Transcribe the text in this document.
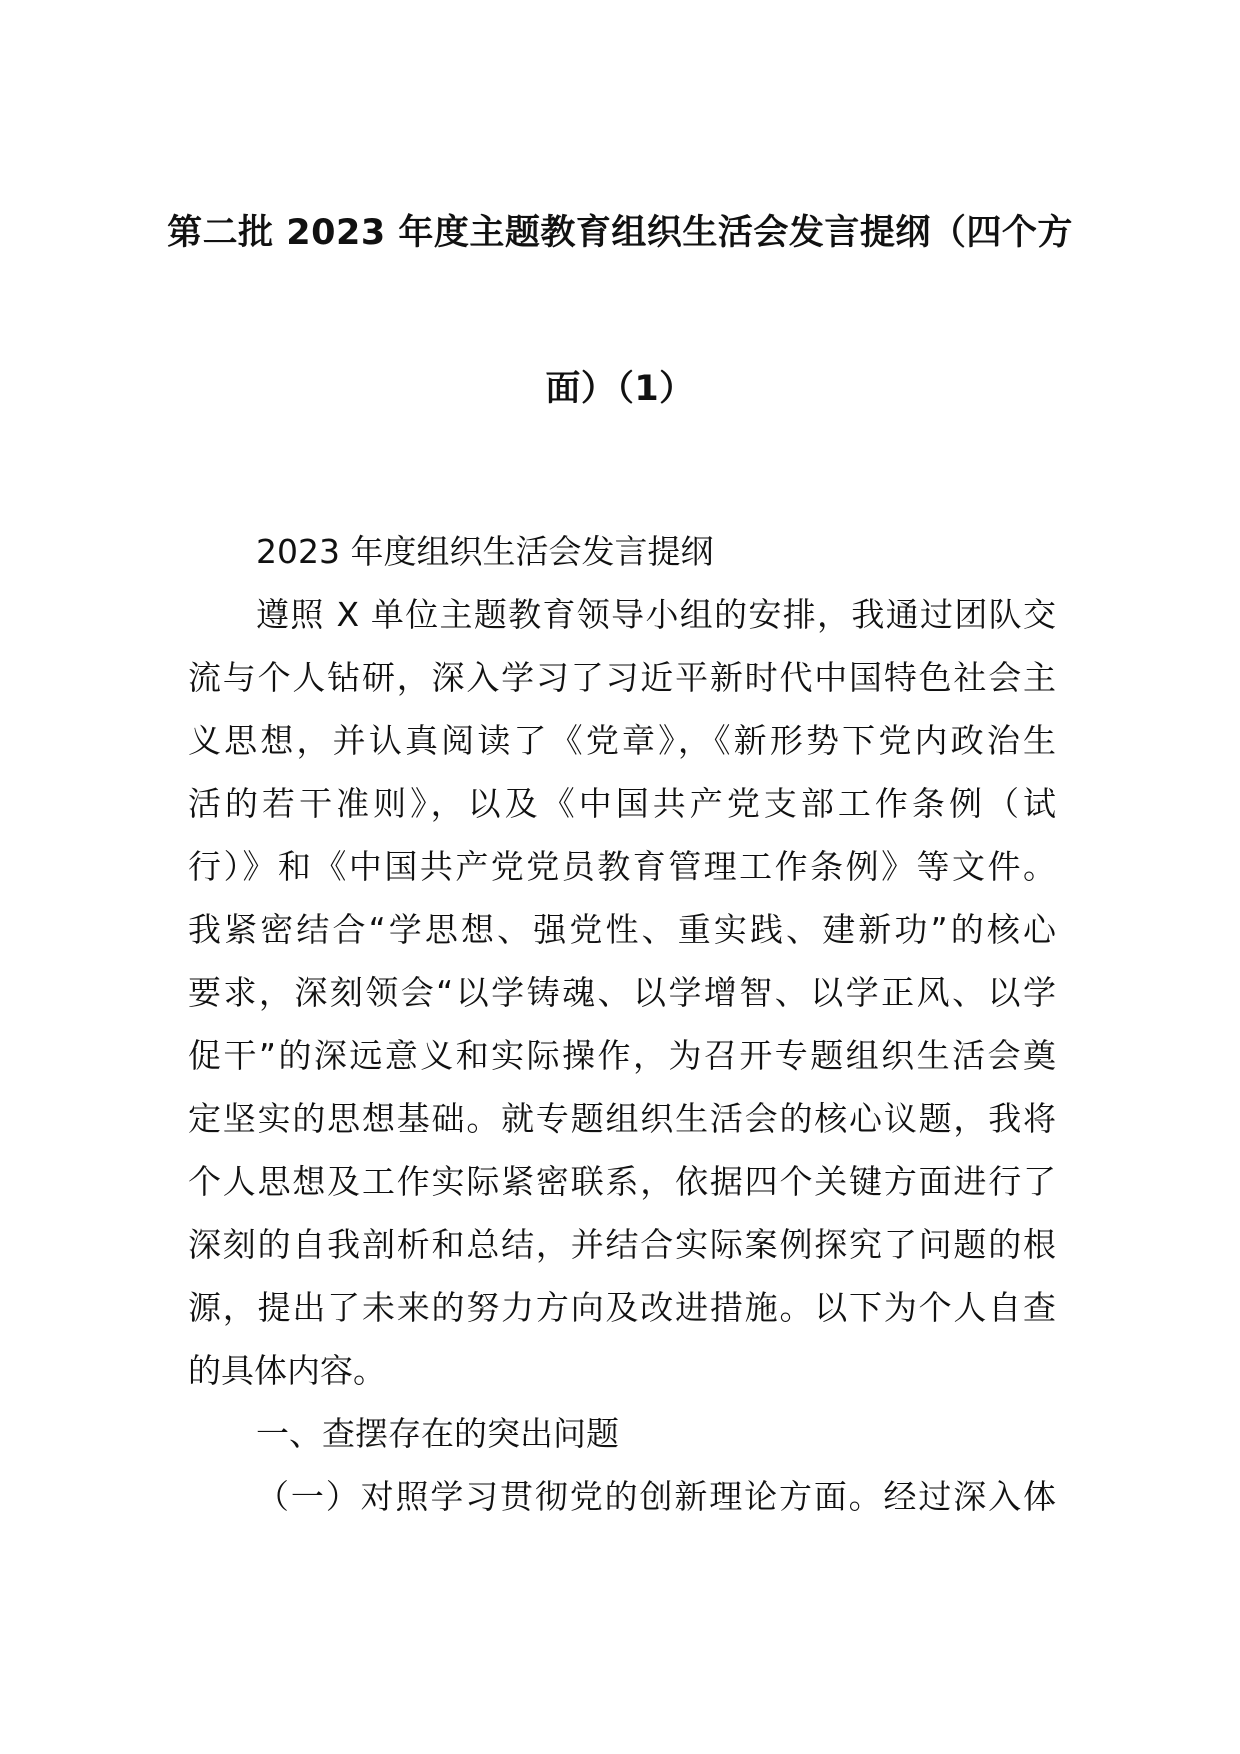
第二批 2023 年度主题教育组织生活会发言提纲（四个方
面）（1）
2023 年度组织生活会发言提纲
遵照 X 单位主题教育领导小组的安排，我通过团队交
流与个人钻研，深入学习了习近平新时代中国特色社会主
义思想，并认真阅读了《党章》，《新形势下党内政治生
活的若干准则》，以及《中国共产党支部工作条例（试
行）》和《中国共产党党员教育管理工作条例》等文件。
我紧密结合“学思想、强党性、重实践、建新功”的核心
要求，深刻领会“以学铸魂、以学增智、以学正风、以学
促干”的深远意义和实际操作，为召开专题组织生活会奠
定坚实的思想基础。就专题组织生活会的核心议题，我将
个人思想及工作实际紧密联系，依据四个关键方面进行了
深刻的自我剖析和总结，并结合实际案例探究了问题的根
源，提出了未来的努力方向及改进措施。以下为个人自查
的具体内容。
一、查摆存在的突出问题
（一）对照学习贯彻党的创新理论方面。经过深入体
